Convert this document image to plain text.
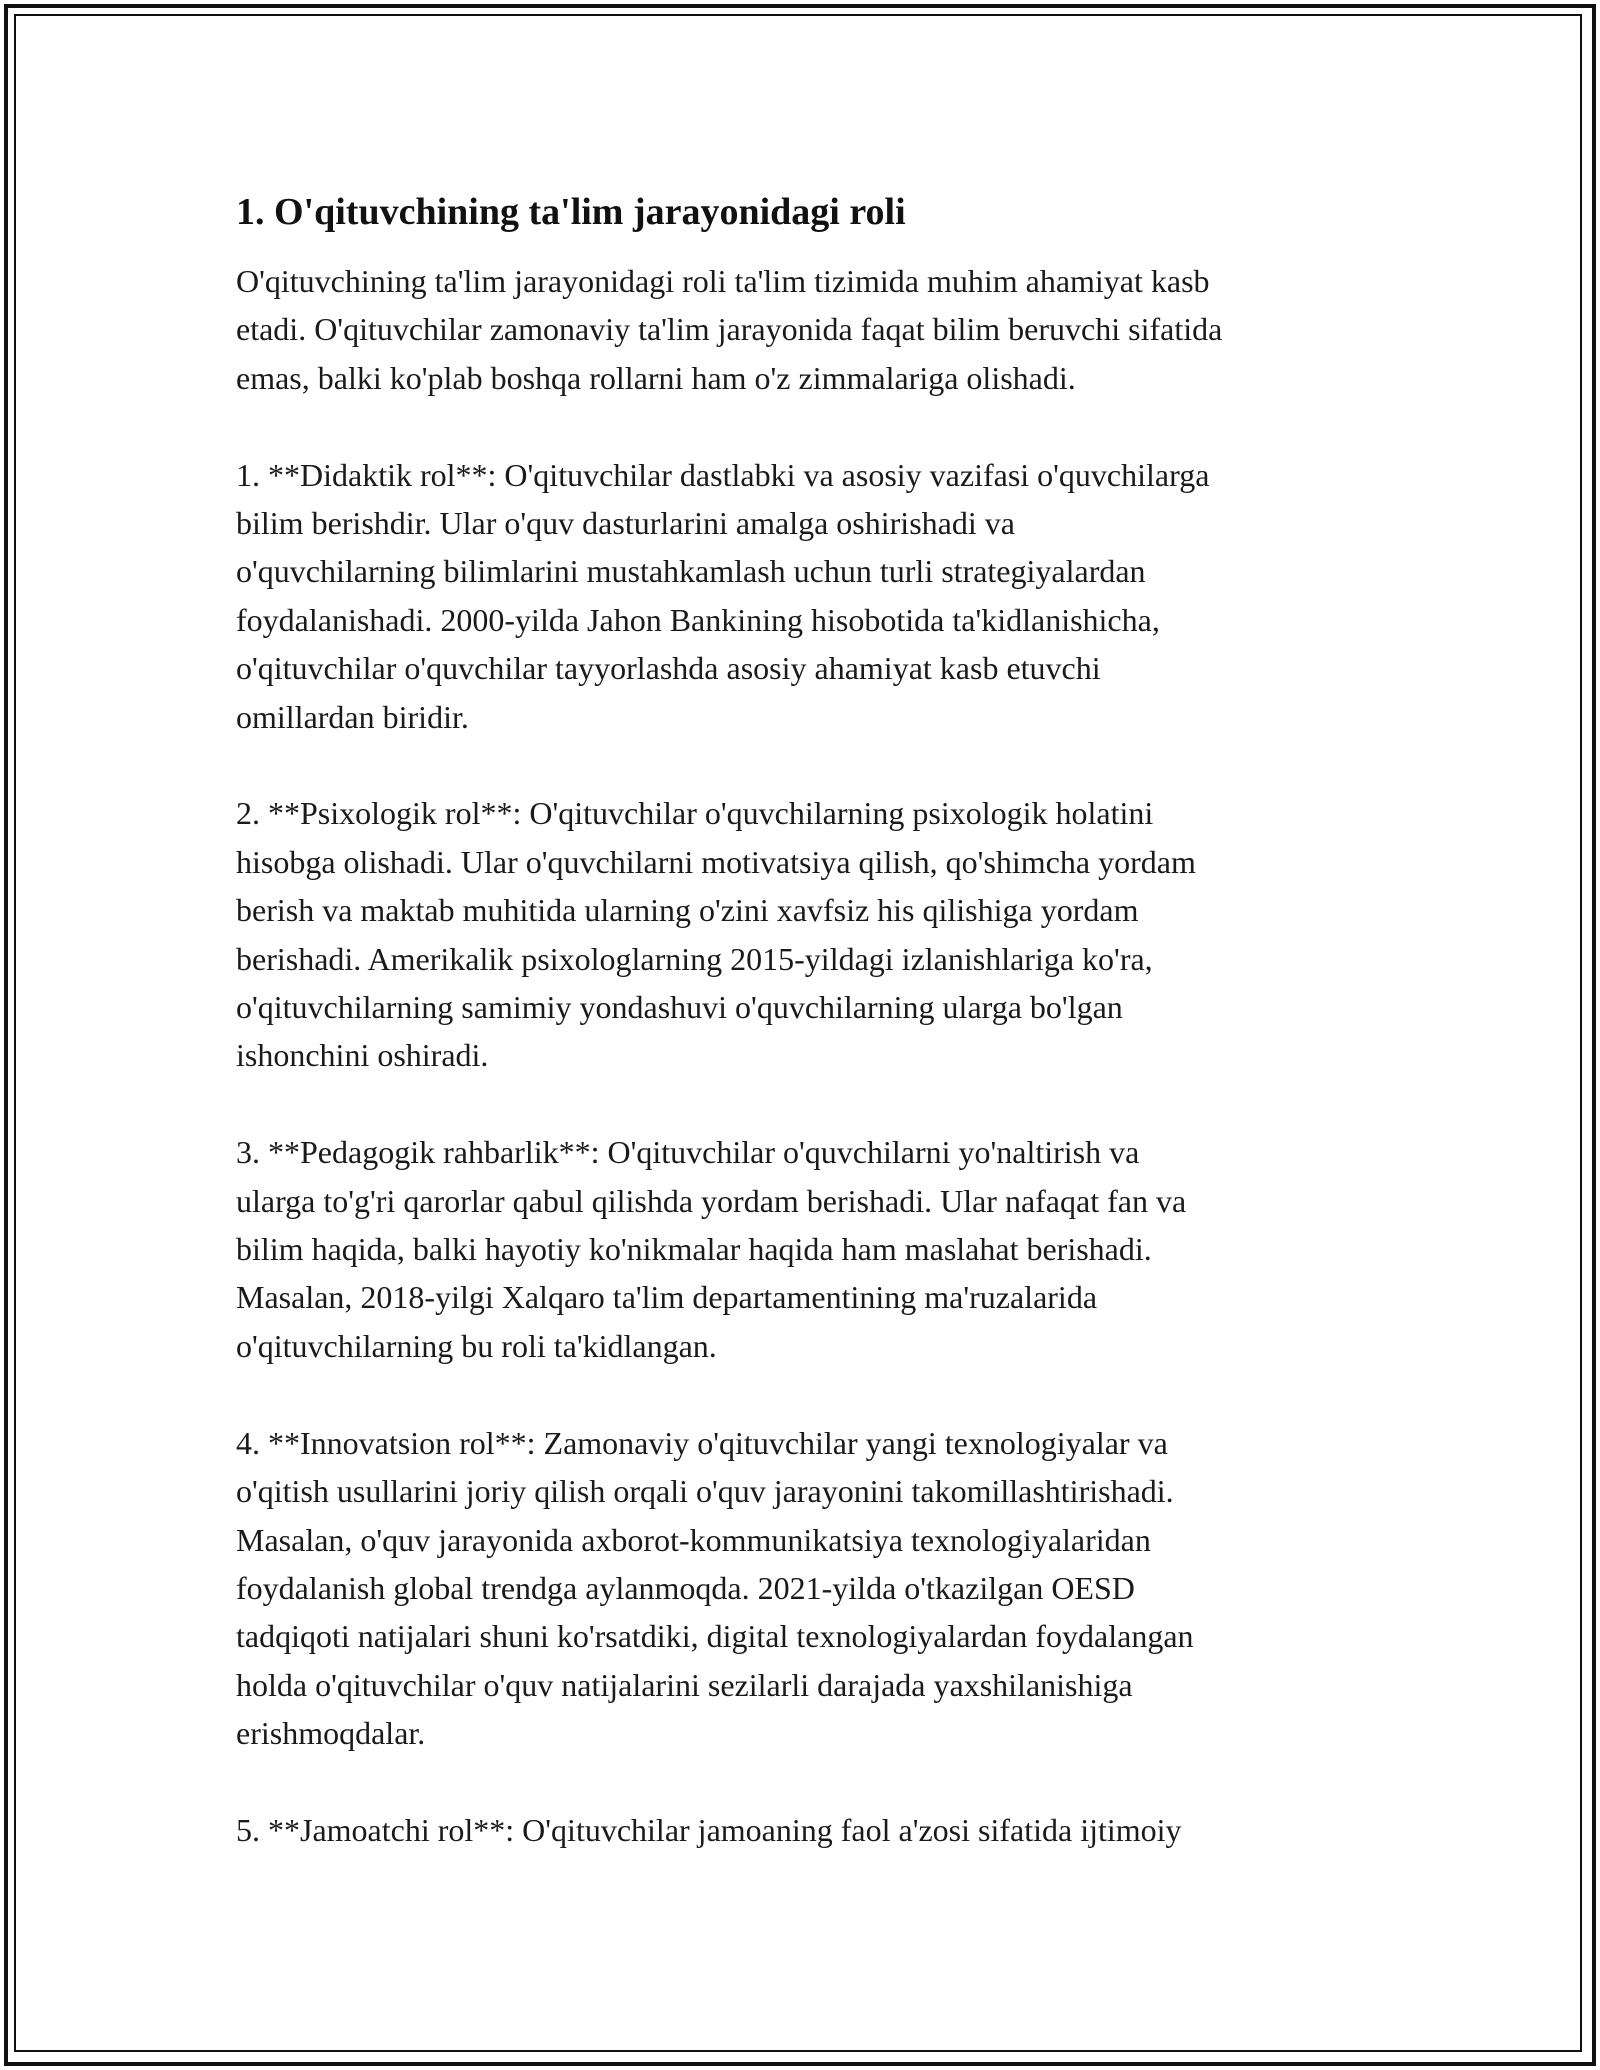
1. O'qituvchining ta'lim jarayonidagi roli
O'qituvchining ta'lim jarayonidagi roli ta'lim tizimida muhim ahamiyat kasb
etadi. O'qituvchilar zamonaviy ta'lim jarayonida faqat bilim beruvchi sifatida
emas, balki ko'plab boshqa rollarni ham o'z zimmalariga olishadi.
1. **Didaktik rol**: O'qituvchilar dastlabki va asosiy vazifasi o'quvchilarga
bilim berishdir. Ular o'quv dasturlarini amalga oshirishadi va
o'quvchilarning bilimlarini mustahkamlash uchun turli strategiyalardan
foydalanishadi. 2000-yilda Jahon Bankining hisobotida ta'kidlanishicha,
o'qituvchilar o'quvchilar tayyorlashda asosiy ahamiyat kasb etuvchi
omillardan biridir.
2. **Psixologik rol**: O'qituvchilar o'quvchilarning psixologik holatini
hisobga olishadi. Ular o'quvchilarni motivatsiya qilish, qo'shimcha yordam
berish va maktab muhitida ularning o'zini xavfsiz his qilishiga yordam
berishadi. Amerikalik psixologlarning 2015-yildagi izlanishlariga ko'ra,
o'qituvchilarning samimiy yondashuvi o'quvchilarning ularga bo'lgan
ishonchini oshiradi.
3. **Pedagogik rahbarlik**: O'qituvchilar o'quvchilarni yo'naltirish va
ularga to'g'ri qarorlar qabul qilishda yordam berishadi. Ular nafaqat fan va
bilim haqida, balki hayotiy ko'nikmalar haqida ham maslahat berishadi.
Masalan, 2018-yilgi Xalqaro ta'lim departamentining ma'ruzalarida
o'qituvchilarning bu roli ta'kidlangan.
4. **Innovatsion rol**: Zamonaviy o'qituvchilar yangi texnologiyalar va
o'qitish usullarini joriy qilish orqali o'quv jarayonini takomillashtirishadi.
Masalan, o'quv jarayonida axborot-kommunikatsiya texnologiyalaridan
foydalanish global trendga aylanmoqda. 2021-yilda o'tkazilgan OESD
tadqiqoti natijalari shuni ko'rsatdiki, digital texnologiyalardan foydalangan
holda o'qituvchilar o'quv natijalarini sezilarli darajada yaxshilanishiga
erishmoqdalar.
5. **Jamoatchi rol**: O'qituvchilar jamoaning faol a'zosi sifatida ijtimoiy
